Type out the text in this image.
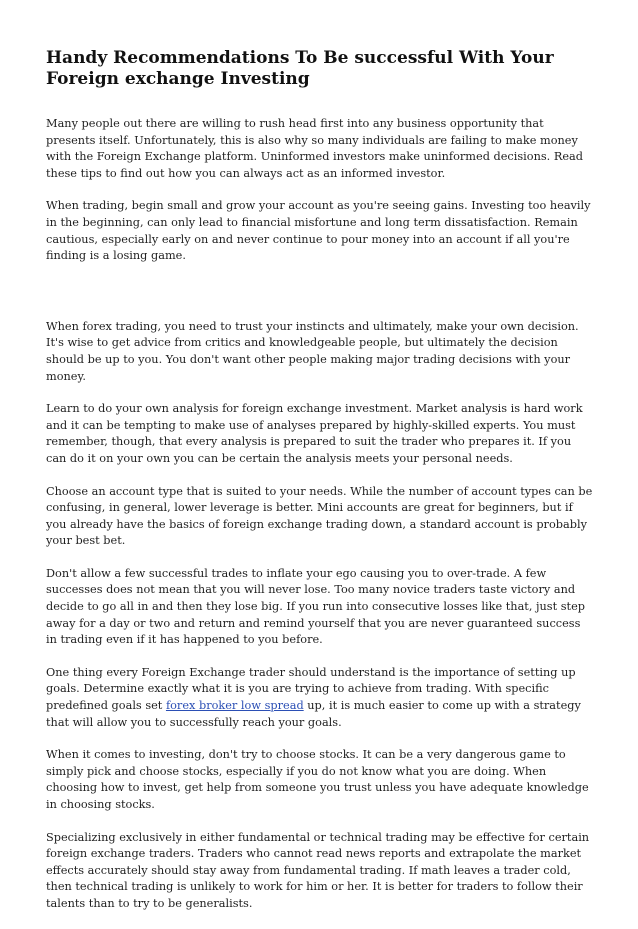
Handy Recommendations To Be successful With Your Foreign exchange Investing

Many people out there are willing to rush head first into any business opportunity that presents itself. Unfortunately, this is also why so many individuals are failing to make money with the Foreign Exchange platform. Uninformed investors make uninformed decisions. Read these tips to find out how you can always act as an informed investor.

When trading, begin small and grow your account as you're seeing gains. Investing too heavily in the beginning, can only lead to financial misfortune and long term dissatisfaction. Remain cautious, especially early on and never continue to pour money into an account if all you're finding is a losing game.

When forex trading, you need to trust your instincts and ultimately, make your own decision. It's wise to get advice from critics and knowledgeable people, but ultimately the decision should be up to you. You don't want other people making major trading decisions with your money.

Learn to do your own analysis for foreign exchange investment. Market analysis is hard work and it can be tempting to make use of analyses prepared by highly-skilled experts. You must remember, though, that every analysis is prepared to suit the trader who prepares it. If you can do it on your own you can be certain the analysis meets your personal needs.

Choose an account type that is suited to your needs. While the number of account types can be confusing, in general, lower leverage is better. Mini accounts are great for beginners, but if you already have the basics of foreign exchange trading down, a standard account is probably your best bet.

Don't allow a few successful trades to inflate your ego causing you to over-trade. A few successes does not mean that you will never lose. Too many novice traders taste victory and decide to go all in and then they lose big. If you run into consecutive losses like that, just step away for a day or two and return and remind yourself that you are never guaranteed success in trading even if it has happened to you before.

One thing every Foreign Exchange trader should understand is the importance of setting up goals. Determine exactly what it is you are trying to achieve from trading. With specific predefined goals set forex broker low spread up, it is much easier to come up with a strategy that will allow you to successfully reach your goals.

When it comes to investing, don't try to choose stocks. It can be a very dangerous game to simply pick and choose stocks, especially if you do not know what you are doing. When choosing how to invest, get help from someone you trust unless you have adequate knowledge in choosing stocks.

Specializing exclusively in either fundamental or technical trading may be effective for certain foreign exchange traders. Traders who cannot read news reports and extrapolate the market effects accurately should stay away from fundamental trading. If math leaves a trader cold, then technical trading is unlikely to work for him or her. It is better for traders to follow their talents than to try to be generalists.
